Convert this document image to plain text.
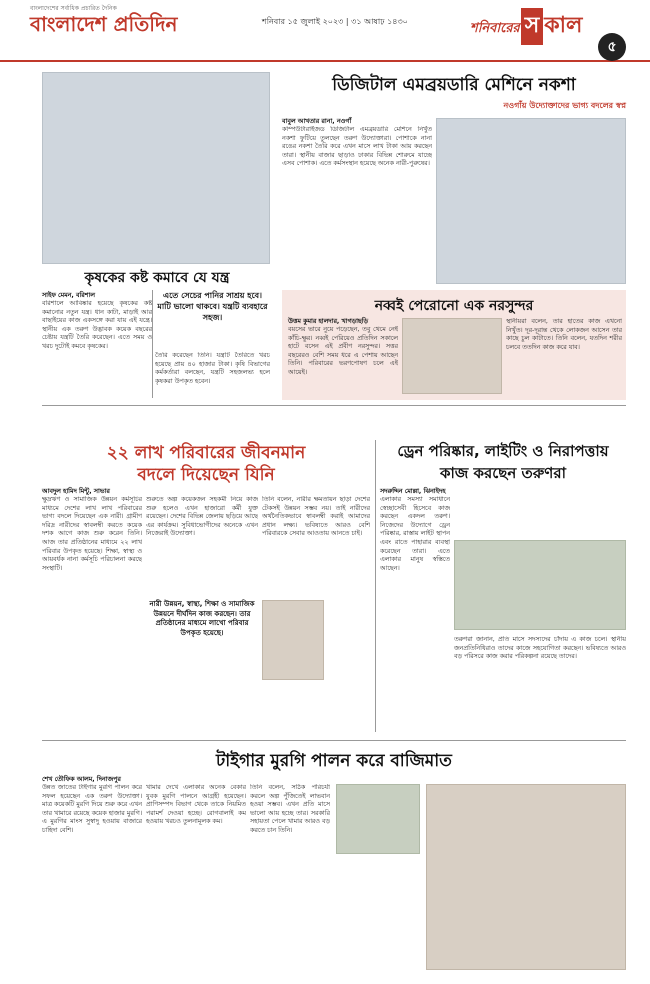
বাংলাদেশের সর্বাধিক প্রচারিত দৈনিক
বাংলাদেশ প্রতিদিন	শনিবার ১৫ জুলাই ২০২৩ | ৩১ আষাঢ় ১৪৩০	শনিবারের স কাল
৫
কৃষকের কষ্ট কমাবে যে যন্ত্র
সাইফ মেমন, বরিশাল
বরিশালে আবিষ্কার হয়েছে কৃষকের কষ্ট কমানোর নতুন যন্ত্র। ধান কাটা, মাড়াই আর বাছাইয়ের কাজ একসঙ্গে করা যায় এই যন্ত্রে। স্থানীয় এক তরুণ উদ্ভাবক কয়েক বছরের চেষ্টায় যন্ত্রটি তৈরি করেছেন। এতে সময় ও খরচ দুটোই কমবে কৃষকের।
এতে সেচের পানির সাশ্রয় হবে। মাটি ভালো থাকবে। যন্ত্রটি ব্যবহারে সহজ।
তৈরি করেছেন তিনি। যন্ত্রটি তৈরিতে খরচ হয়েছে প্রায় ৪০ হাজার টাকা। কৃষি বিভাগের কর্মকর্তারা বলছেন, যন্ত্রটি সহজলভ্য হলে কৃষকরা উপকৃত হবেন।
ডিজিটাল এমব্রয়ডারি মেশিনে নকশা
নওগাঁয় উদ্যোক্তাদের ভাগ্য বদলের স্বপ্ন
বাবুল আখতার রানা, নওগাঁ
কম্পিউটারাইজড ডিজিটাল এমব্রয়ডারি মেশিনে নিখুঁত নকশা ফুটিয়ে তুলছেন তরুণ উদ্যোক্তারা। পোশাকে নানা রঙের নকশা তৈরি করে এখন মাসে লাখ টাকা আয় করছেন তারা। স্থানীয় বাজার ছাড়াও ঢাকার বিভিন্ন শোরুমে যাচ্ছে এসব পোশাক। এতে কর্মসংস্থান হয়েছে অনেক নারী-পুরুষের।
নব্বই পেরোনো এক নরসুন্দর
উত্তম কুমার হালদার, খাগড়াছড়ি
বয়সের ভারে নুয়ে পড়েছেন, তবু থেমে নেই কাঁচি-ক্ষুর। নব্বই পেরিয়েও প্রতিদিন সকালে হাটে বসেন এই প্রবীণ নরসুন্দর। সত্তর বছরেরও বেশি সময় ধরে এ পেশায় আছেন তিনি। পরিবারের ভরণপোষণ চলে এই আয়েই।
স্থানীয়রা বলেন, তার হাতের কাজ এখনো নিখুঁত। দূর-দূরান্ত থেকে লোকজন আসেন তার কাছে চুল কাটাতে। তিনি বলেন, যতদিন শরীর চলবে ততদিন কাজ করে যাব।
২২ লাখ পরিবারের জীবনমান
বদলে দিয়েছেন যিনি
আবদুল হামিদ মিন্টু, সাভার
ক্ষুদ্রঋণ ও সামাজিক উন্নয়ন কর্মসূচির মাধ্যমে দেশের লাখ লাখ পরিবারের ভাগ্য বদলে দিয়েছেন এক নারী। গ্রামীণ দরিদ্র নারীদের স্বাবলম্বী করতে কয়েক দশক আগে কাজ শুরু করেন তিনি। আজ তার প্রতিষ্ঠানের মাধ্যমে ২২ লাখ পরিবার উপকৃত হয়েছে। শিক্ষা, স্বাস্থ্য ও আয়বর্ধক নানা কর্মসূচি পরিচালনা করছে সংস্থাটি।
নারী উন্নয়ন, স্বাস্থ্য, শিক্ষা ও সামাজিক উন্নয়নে দীর্ঘদিন কাজ করছেন। তার প্রতিষ্ঠানের মাধ্যমে লাখো পরিবার উপকৃত হয়েছে।
শুরুতে অল্প কয়েকজন সহকর্মী নিয়ে কাজ শুরু হলেও এখন হাজারো কর্মী যুক্ত রয়েছেন। দেশের বিভিন্ন জেলায় ছড়িয়ে আছে এর কার্যক্রম। সুবিধাভোগীদের অনেকে এখন নিজেরাই উদ্যোক্তা।
তিনি বলেন, নারীর ক্ষমতায়ন ছাড়া দেশের টেকসই উন্নয়ন সম্ভব নয়। তাই নারীদের অর্থনৈতিকভাবে স্বাবলম্বী করাই আমাদের প্রধান লক্ষ্য। ভবিষ্যতে আরও বেশি পরিবারকে সেবার আওতায় আনতে চাই।
ড্রেন পরিষ্কার, লাইটিং ও নিরাপত্তায়
কাজ করছেন তরুণরা
সদরুদ্দিন মোল্লা, ঝিনাইদহ
এলাকার সমস্যা সমাধানে স্বেচ্ছাসেবী হিসেবে কাজ করছেন একদল তরুণ। নিজেদের উদ্যোগে ড্রেন পরিষ্কার, রাস্তায় লাইট স্থাপন এবং রাতে পাহারার ব্যবস্থা করেছেন তারা। এতে এলাকার মানুষ স্বস্তিতে আছেন।
তরুণরা জানান, প্রতি মাসে সদস্যদের চাঁদায় এ কাজ চলে। স্থানীয় জনপ্রতিনিধিরাও তাদের কাজে সহযোগিতা করছেন। ভবিষ্যতে আরও বড় পরিসরে কাজ করার পরিকল্পনা রয়েছে তাদের।
টাইগার মুরগি পালন করে বাজিমাত
শেখ তৌফিক আলম, দিনাজপুর
উন্নত জাতের টাইগার মুরগি পালন করে সফল হয়েছেন এক তরুণ উদ্যোক্তা। মাত্র কয়েকটি মুরগি দিয়ে শুরু করে এখন তার খামারে রয়েছে কয়েক হাজার মুরগি। এ মুরগির মাংস সুস্বাদু হওয়ায় বাজারে চাহিদা বেশি।
খামার দেখে এলাকার অনেক বেকার যুবক মুরগি পালনে আগ্রহী হয়েছেন। প্রাণিসম্পদ বিভাগ থেকে তাকে নিয়মিত পরামর্শ দেওয়া হচ্ছে। রোগবালাই কম হওয়ায় খরচও তুলনামূলক কম।
তিনি বলেন, সঠিক পরিচর্যা করলে অল্প পুঁজিতেই লাভবান হওয়া সম্ভব। এখন প্রতি মাসে ভালো আয় হচ্ছে তার। সরকারি সহায়তা পেলে খামার আরও বড় করতে চান তিনি।
